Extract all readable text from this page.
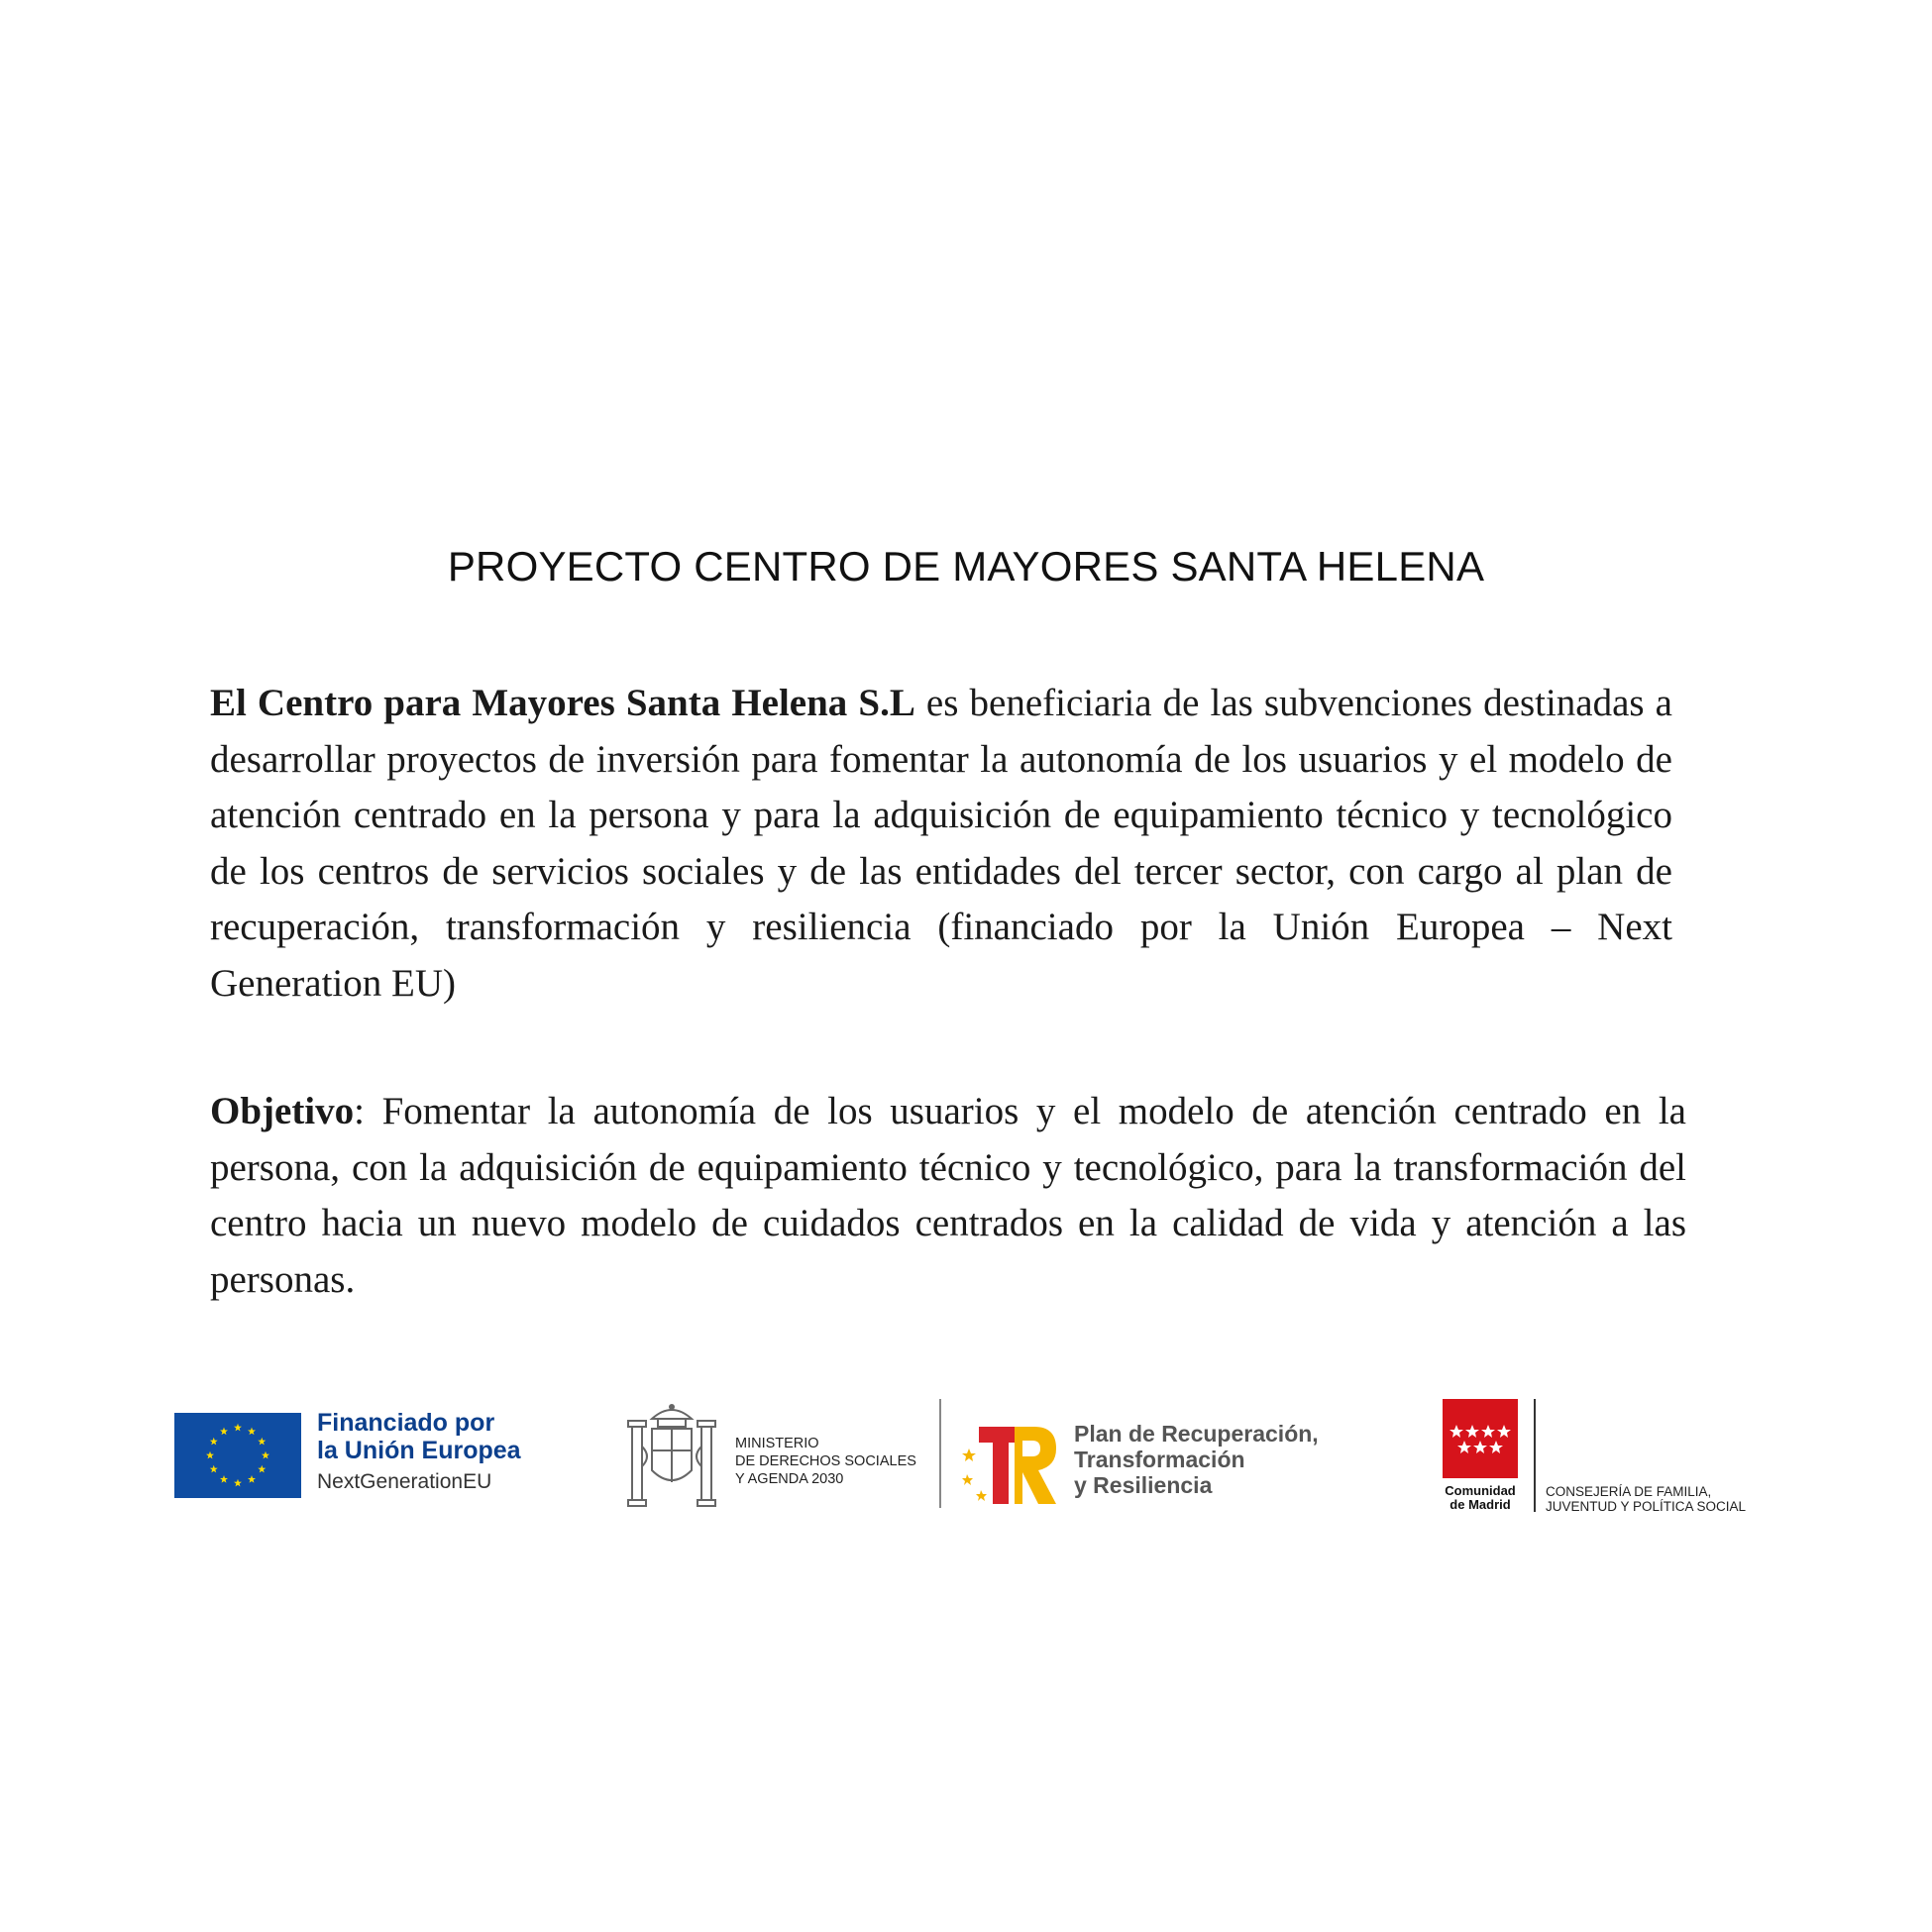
PROYECTO CENTRO DE MAYORES SANTA HELENA

El Centro para Mayores Santa Helena S.L es beneficiaria de las subvenciones destinadas a desarrollar proyectos de inversión para fomentar la autonomía de los usuarios y el modelo de atención centrado en la persona y para la adquisición de equipamiento técnico y tecnológico de los centros de servicios sociales y de las entidades del tercer sector, con cargo al plan de recuperación, transformación y resiliencia (financiado por la Unión Europea – Next Generation EU)

Objetivo: Fomentar la autonomía de los usuarios y el modelo de atención centrado en la persona, con la adquisición de equipamiento técnico y tecnológico, para la transformación del centro hacia un nuevo modelo de cuidados centrados en la calidad de vida y atención a las personas.

Financiado por
la Unión Europea
NextGenerationEU
MINISTERIO
DE DERECHOS SOCIALES
Y AGENDA 2030
Plan de Recuperación,
Transformación
y Resiliencia	Comunidad
de Madrid
CONSEJERÍA DE FAMILIA,
JUVENTUD Y POLÍTICA SOCIAL
